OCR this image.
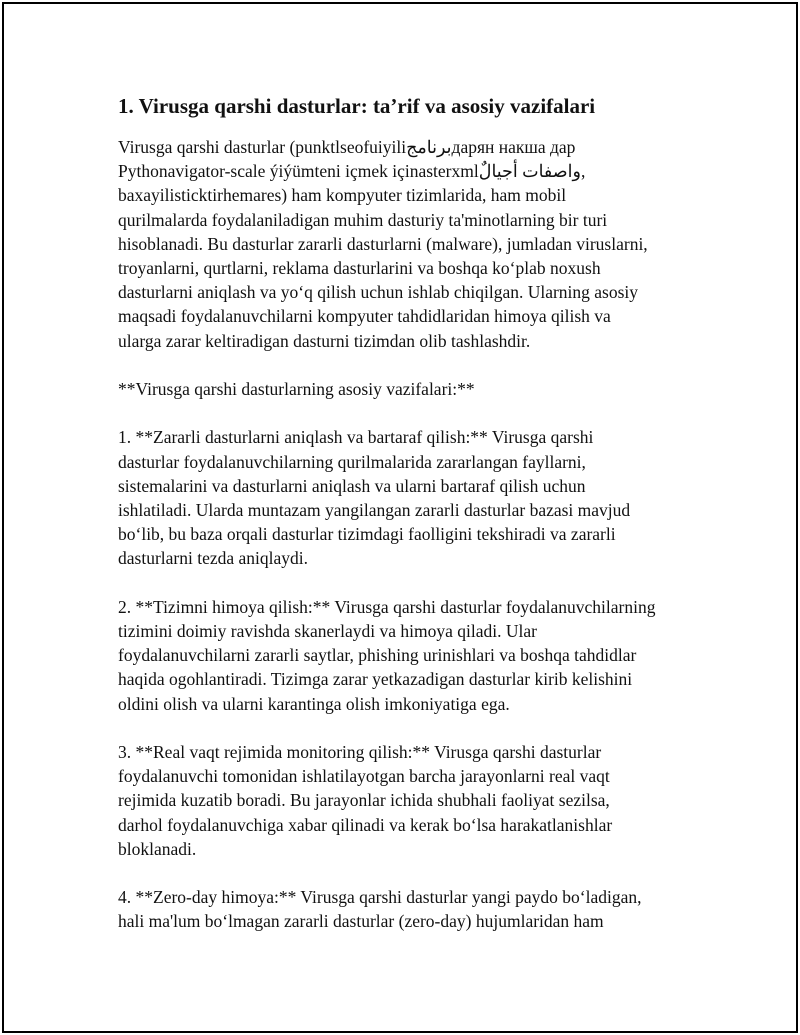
1. Virusga qarshi dasturlar: ta’rif va asosiy vazifalari

Virusga qarshi dasturlar (punktlseofuiyiliبرنامجдарян накша дар
Pythonavigator-scale ýiýümteni içmek içinasterxmlواصفات أجيالٌ,
baxayilisticktirhemares) ham kompyuter tizimlarida, ham mobil
qurilmalarda foydalaniladigan muhim dasturiy ta'minotlarning bir turi
hisoblanadi. Bu dasturlar zararli dasturlarni (malware), jumladan viruslarni,
troyanlarni, qurtlarni, reklama dasturlarini va boshqa koʻplab noxush
dasturlarni aniqlash va yoʻq qilish uchun ishlab chiqilgan. Ularning asosiy
maqsadi foydalanuvchilarni kompyuter tahdidlaridan himoya qilish va
ularga zarar keltiradigan dasturni tizimdan olib tashlashdir.

**Virusga qarshi dasturlarning asosiy vazifalari:**

1. **Zararli dasturlarni aniqlash va bartaraf qilish:** Virusga qarshi
dasturlar foydalanuvchilarning qurilmalarida zararlangan fayllarni,
sistemalarini va dasturlarni aniqlash va ularni bartaraf qilish uchun
ishlatiladi. Ularda muntazam yangilangan zararli dasturlar bazasi mavjud
boʻlib, bu baza orqali dasturlar tizimdagi faolligini tekshiradi va zararli
dasturlarni tezda aniqlaydi.

2. **Tizimni himoya qilish:** Virusga qarshi dasturlar foydalanuvchilarning
tizimini doimiy ravishda skanerlaydi va himoya qiladi. Ular
foydalanuvchilarni zararli saytlar, phishing urinishlari va boshqa tahdidlar
haqida ogohlantiradi. Tizimga zarar yetkazadigan dasturlar kirib kelishini
oldini olish va ularni karantinga olish imkoniyatiga ega.

3. **Real vaqt rejimida monitoring qilish:** Virusga qarshi dasturlar
foydalanuvchi tomonidan ishlatilayotgan barcha jarayonlarni real vaqt
rejimida kuzatib boradi. Bu jarayonlar ichida shubhali faoliyat sezilsa,
darhol foydalanuvchiga xabar qilinadi va kerak boʻlsa harakatlanishlar
bloklanadi.

4. **Zero-day himoya:** Virusga qarshi dasturlar yangi paydo boʻladigan,
hali ma'lum boʻlmagan zararli dasturlar (zero-day) hujumlaridan ham
